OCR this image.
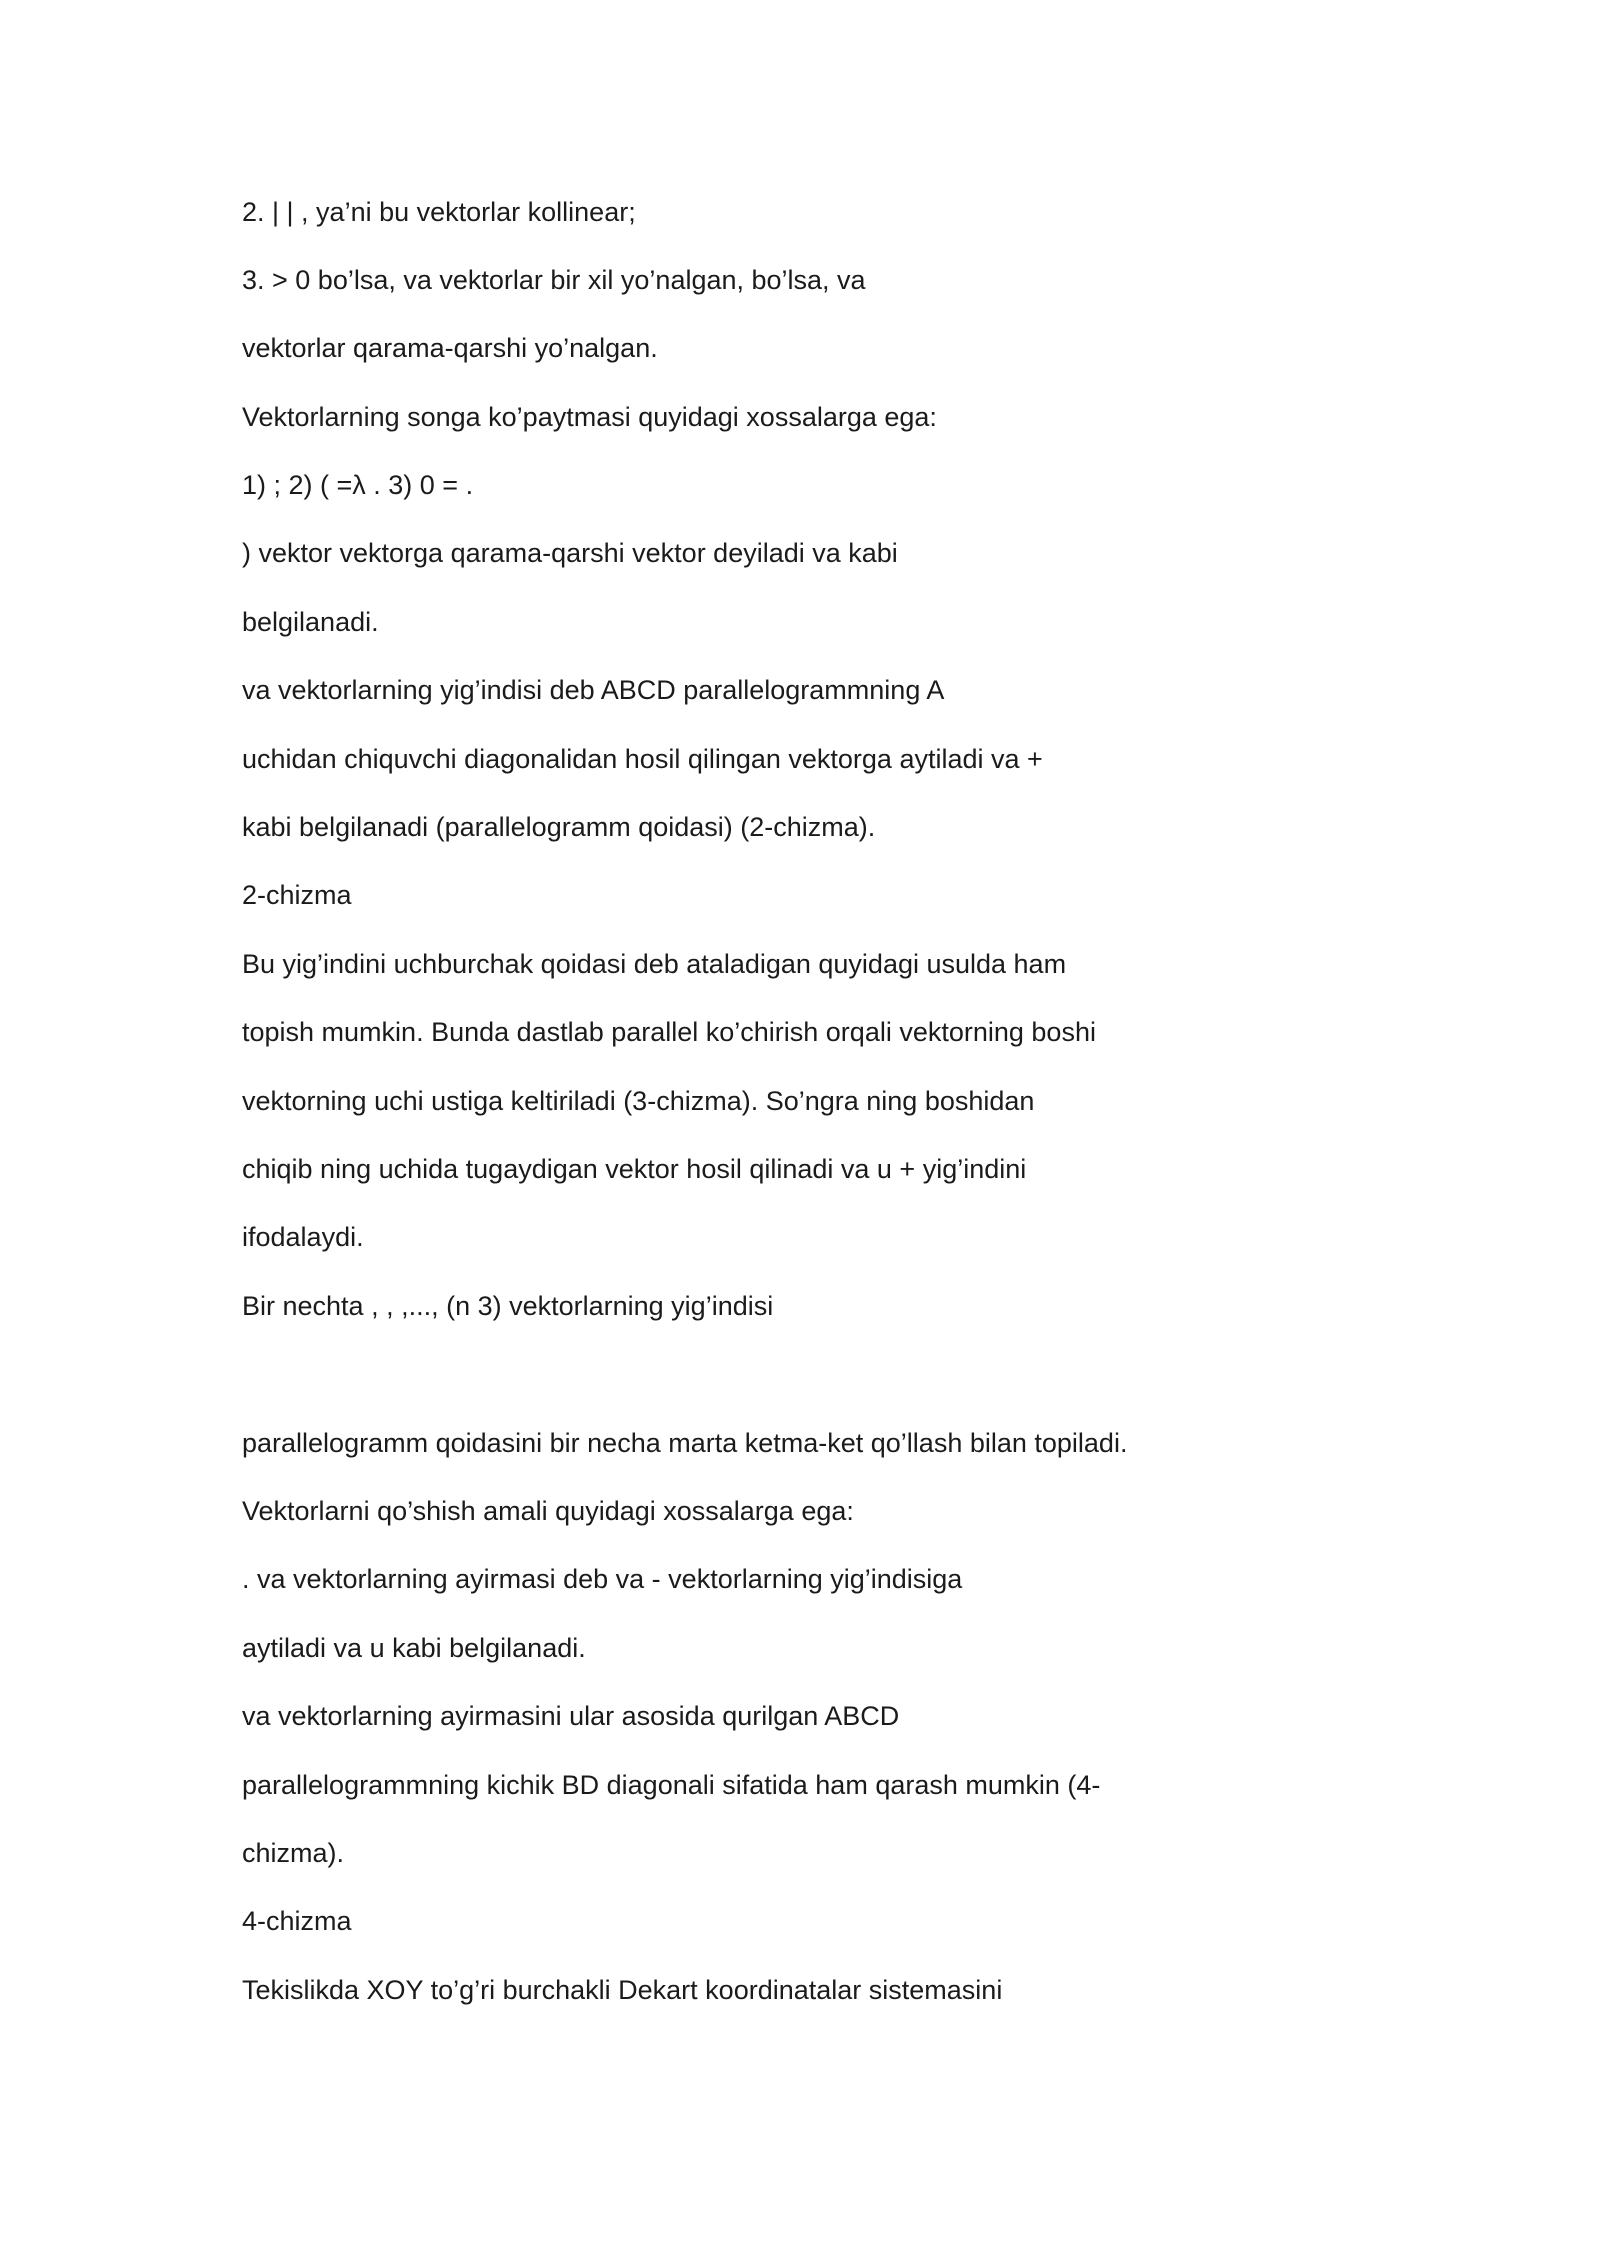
2. | | , ya’ni bu vektorlar kollinear;
3. > 0 bo’lsa, va vektorlar bir xil yo’nalgan, bo’lsa, va
vektorlar qarama-qarshi yo’nalgan.
Vektorlarning songa ko’paytmasi quyidagi xossalarga ega:
1) ; 2) ( =λ . 3) 0 = .
) vektor vektorga qarama-qarshi vektor deyiladi va kabi
belgilanadi.
va vektorlarning yig’indisi deb ABCD parallelogrammning A
uchidan chiquvchi diagonalidan hosil qilingan vektorga aytiladi va +
kabi belgilanadi (parallelogramm qoidasi) (2-chizma).
2-chizma
Bu yig’indini uchburchak qoidasi deb ataladigan quyidagi usulda ham
topish mumkin. Bunda dastlab parallel ko’chirish orqali vektorning boshi
vektorning uchi ustiga keltiriladi (3-chizma). So’ngra ning boshidan
chiqib ning uchida tugaydigan vektor hosil qilinadi va u + yig’indini
ifodalaydi.
Bir nechta , , ,..., (n 3) vektorlarning yig’indisi
parallelogramm qoidasini bir necha marta ketma-ket qo’llash bilan topiladi.
Vektorlarni qo’shish amali quyidagi xossalarga ega:
. va vektorlarning ayirmasi deb va - vektorlarning yig’indisiga
aytiladi va u kabi belgilanadi.
va vektorlarning ayirmasini ular asosida qurilgan ABCD
parallelogrammning kichik BD diagonali sifatida ham qarash mumkin (4-
chizma).
4-chizma
Tekislikda XOY to’g’ri burchakli Dekart koordinatalar sistemasini
